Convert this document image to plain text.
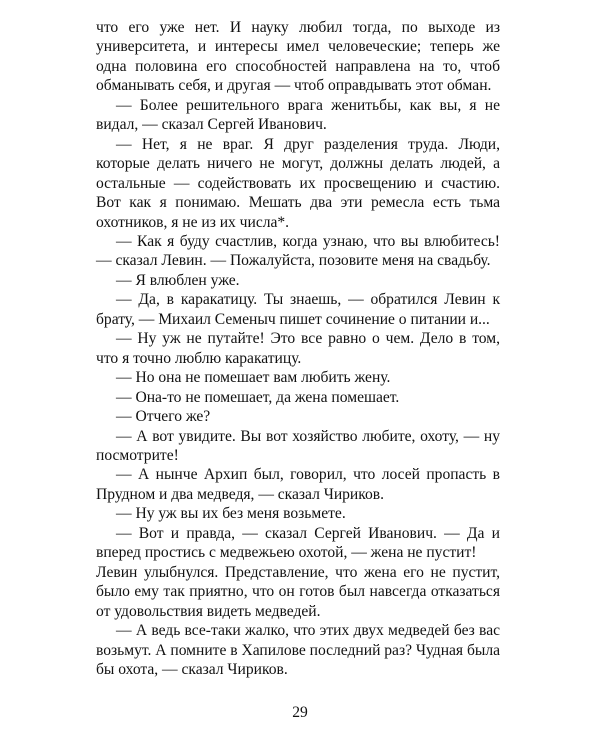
что его уже нет. И науку любил тогда, по выходе из университета, и интересы имел человеческие; теперь же одна половина его способностей направлена на то, чтоб обманывать себя, и другая — чтоб оправдывать этот обман.

— Более решительного врага женитьбы, как вы, я не видал, — сказал Сергей Иванович.

— Нет, я не враг. Я друг разделения труда. Люди, которые делать ничего не могут, должны делать людей, а остальные — содействовать их просвещению и счастию. Вот как я понимаю. Мешать два эти ремесла есть тьма охотников, я не из их числа*.

— Как я буду счастлив, когда узнаю, что вы влюбитесь! — сказал Левин. — Пожалуйста, позовите меня на свадьбу.

— Я влюблен уже.

— Да, в каракатицу. Ты знаешь, — обратился Левин к брату, — Михаил Семеныч пишет сочинение о питании и...

— Ну уж не путайте! Это все равно о чем. Дело в том, что я точно люблю каракатицу.

— Но она не помешает вам любить жену.

— Она-то не помешает, да жена помешает.

— Отчего же?

— А вот увидите. Вы вот хозяйство любите, охоту, — ну посмотрите!

— А нынче Архип был, говорил, что лосей пропасть в Прудном и два медведя, — сказал Чириков.

— Ну уж вы их без меня возьмете.

— Вот и правда, — сказал Сергей Иванович. — Да и вперед простись с медвежьею охотой, — жена не пустит!

Левин улыбнулся. Представление, что жена его не пустит, было ему так приятно, что он готов был навсегда отказаться от удовольствия видеть медведей.

— А ведь все-таки жалко, что этих двух медведей без вас возьмут. А помните в Хапилове последний раз? Чудная была бы охота, — сказал Чириков.

29
